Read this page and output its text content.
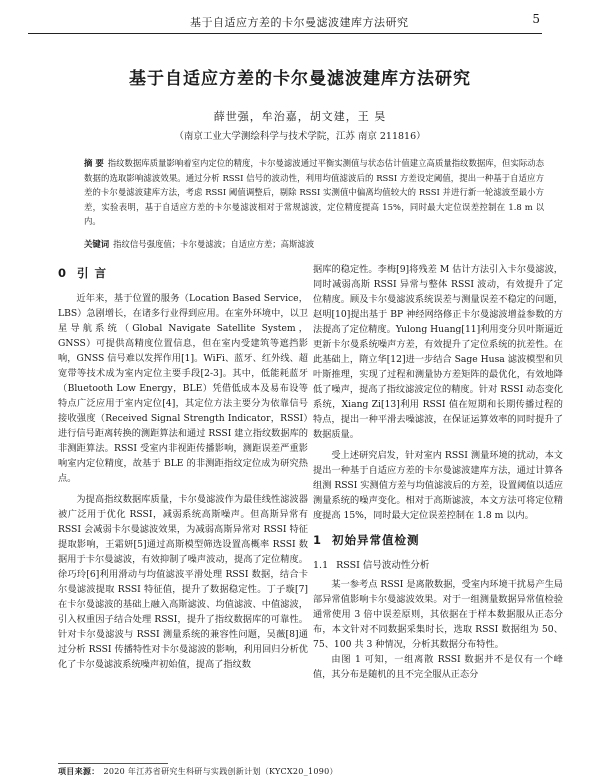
基于自适应方差的卡尔曼滤波建库方法研究	5
基于自适应方差的卡尔曼滤波建库方法研究
薛世强，牟治嘉，胡文建，王 昊
（南京工业大学测绘科学与技术学院，江苏 南京 211816）
摘 要 指纹数据库质量影响着室内定位的精度，卡尔曼滤波通过平衡实测值与状态估计值建立高质量指纹数据库，但实际动态数据的选取影响滤波效果。通过分析 RSSI 信号的波动性，利用均值滤波后的 RSSI 方差设定阈值，提出一种基于自适应方差的卡尔曼滤波建库方法，考虑 RSSI 阈值调整后，剔除 RSSI 实测值中偏离均值较大的 RSSI 并进行新一轮滤波至最小方差，实验表明，基于自适应方差的卡尔曼滤波相对于常规滤波，定位精度提高 15%，同时最大定位误差控制在 1.8 m 以内。
关键词 指纹信号强度值；卡尔曼滤波；自适应方差；高斯滤波
0 引 言

近年来，基于位置的服务（Location Based Service，LBS）急剧增长，在诸多行业得到应用。在室外环境中，以卫星导航系统（Global Navigate Satellite System，GNSS）可提供高精度位置信息，但在室内受建筑等遮挡影响，GNSS 信号难以发挥作用[1]。WiFi、蓝牙、红外线、超宽带等技术成为室内定位主要手段[2-3]。其中，低能耗蓝牙（Bluetooth Low Energy，BLE）凭借低成本及易布设等特点广泛应用于室内定位[4]，其定位方法主要分为依靠信号接收强度（Received Signal Strength Indicator，RSSI）进行信号距离转换的测距算法和通过 RSSI 建立指纹数据库的非测距算法。RSSI 受室内非视距传播影响，测距误差严重影响室内定位精度，故基于 BLE 的非测距指纹定位成为研究热点。

为提高指纹数据库质量，卡尔曼滤波作为最佳线性滤波器被广泛用于优化 RSSI，减弱系统高斯噪声。但高斯异常有 RSSI 会减弱卡尔曼滤波效果，为减弱高斯异常对 RSSI 特征提取影响，王霜妍[5]通过高斯模型筛选设置高概率 RSSI 数据用于卡尔曼滤波，有效抑制了噪声波动，提高了定位精度。徐巧玲[6]利用滑动与均值滤波平滑处理 RSSI 数据，结合卡尔曼滤波提取 RSSI 特征值，提升了数据稳定性。丁子璇[7]在卡尔曼滤波的基础上融入高斯滤波、均值滤波、中值滤波，引入权重因子结合处理 RSSI，提升了指纹数据库的可靠性。针对卡尔曼滤波与 RSSI 测量系统的兼容性问题，吴薇[8]通过分析 RSSI 传播特性对卡尔曼滤波的影响，利用回归分析优化了卡尔曼滤波系统噪声初始值，提高了指纹数

据库的稳定性。李梅[9]将残差 M 估计方法引入卡尔曼滤波，同时减弱高斯 RSSI 异常与整体 RSSI 波动，有效提升了定位精度。顾及卡尔曼滤波系统误差与测量误差不稳定的问题，赵明[10]提出基于 BP 神经网络修正卡尔曼滤波增益参数的方法提高了定位精度。Yulong Huang[11]利用变分贝叶斯逼近更新卡尔曼系统噪声方差，有效提升了定位系统的抗差性。在此基础上，隋立华[12]进一步结合 Sage Husa 滤波模型和贝叶斯推理，实现了过程和测量协方差矩阵的最优化，有效地降低了噪声，提高了指纹滤波定位的精度。针对 RSSI 动态变化系统，Xiang Zi[13]利用 RSSI 值在短期和长期传播过程的特点，提出一种平滑去噪滤波，在保证运算效率的同时提升了数据质量。

受上述研究启发，针对室内 RSSI 测量环境的扰动，本文提出一种基于自适应方差的卡尔曼滤波建库方法，通过计算各组测 RSSI 实测值方差与均值滤波后的方差，设置阈值以适应测量系统的噪声变化。相对于高斯滤波，本文方法可将定位精度提高 15%，同时最大定位误差控制在 1.8 m 以内。

1 初始异常值检测
1.1 RSSI 信号波动性分析

某一参考点 RSSI 是离散数据，受室内环境干扰易产生局部异常值影响卡尔曼滤波效果。对于一组测量数据异常值检验通常使用 3 倍中误差原则，其依据在于样本数据服从正态分布，本文针对不同数据采集时长，选取 RSSI 数据组为 50、75、100 共 3 种情况，分析其数据分布特性。

由图 1 可知，一组离散 RSSI 数据并不是仅有一个峰值，其分布是随机的且不完全服从正态分

项目来源： 2020 年江苏省研究生科研与实践创新计划（KYCX20_1090）
